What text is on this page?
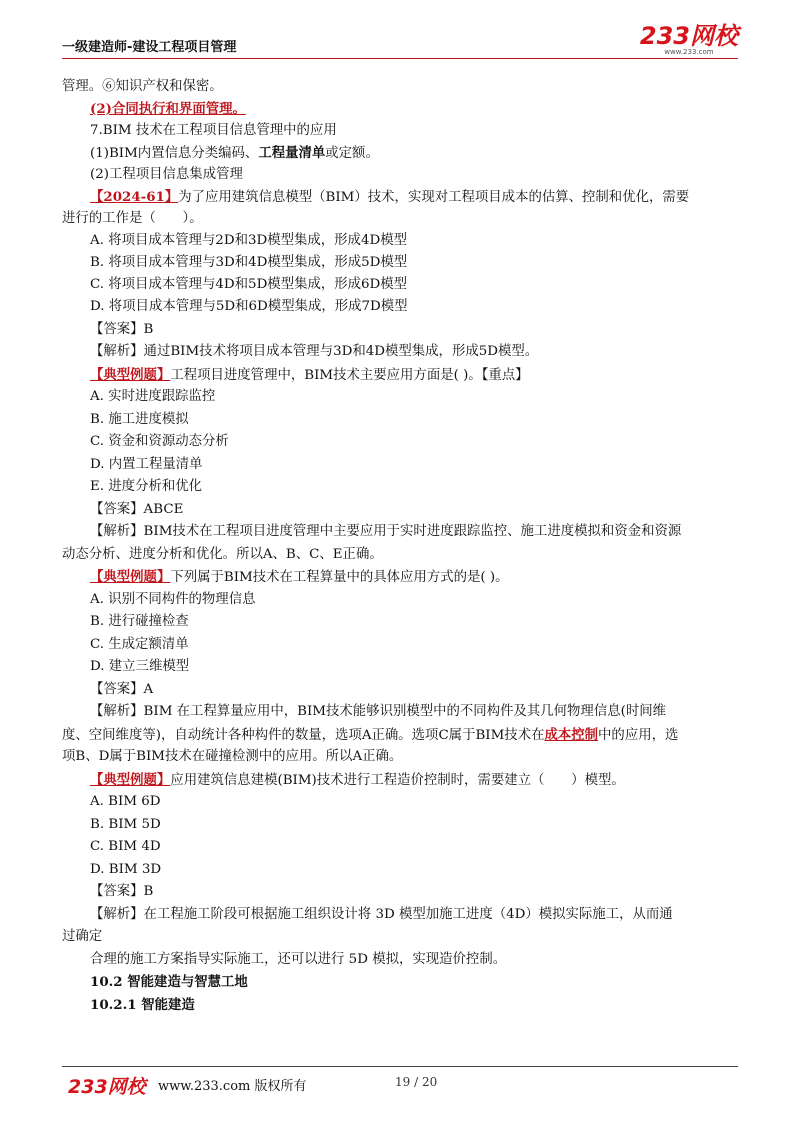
一级建造师-建设工程项目管理	233网校
www.233.com
管理。⑥知识产权和保密。
(2)合同执行和界面管理。
7.BIM 技术在工程项目信息管理中的应用
(1)BIM内置信息分类编码、工程量清单或定额。
(2)工程项目信息集成管理
【2024-61】为了应用建筑信息模型（BIM）技术，实现对工程项目成本的估算、控制和优化，需要
进行的工作是（　　）。
A. 将项目成本管理与2D和3D模型集成，形成4D模型
B. 将项目成本管理与3D和4D模型集成，形成5D模型
C. 将项目成本管理与4D和5D模型集成，形成6D模型
D. 将项目成本管理与5D和6D模型集成，形成7D模型
【答案】B
【解析】通过BIM技术将项目成本管理与3D和4D模型集成，形成5D模型。
【典型例题】工程项目进度管理中，BIM技术主要应用方面是( )。【重点】
A. 实时进度跟踪监控
B. 施工进度模拟
C. 资金和资源动态分析
D. 内置工程量清单
E. 进度分析和优化
【答案】ABCE
【解析】BIM技术在工程项目进度管理中主要应用于实时进度跟踪监控、施工进度模拟和资金和资源
动态分析、进度分析和优化。所以A、B、C、E正确。
【典型例题】下列属于BIM技术在工程算量中的具体应用方式的是( )。
A. 识别不同构件的物理信息
B. 进行碰撞检查
C. 生成定额清单
D. 建立三维模型
【答案】A
【解析】BIM 在工程算量应用中，BIM技术能够识别模型中的不同构件及其几何物理信息(时间维
度、空间维度等)，自动统计各种构件的数量，选项A正确。选项C属于BIM技术在成本控制中的应用，选
项B、D属于BIM技术在碰撞检测中的应用。所以A正确。
【典型例题】应用建筑信息建模(BIM)技术进行工程造价控制时，需要建立（　　）模型。
A. BIM 6D
B. BIM 5D
C. BIM 4D
D. BIM 3D
【答案】B
【解析】在工程施工阶段可根据施工组织设计将 3D 模型加施工进度（4D）模拟实际施工，从而通
过确定
合理的施工方案指导实际施工，还可以进行 5D 模拟，实现造价控制。
10.2 智能建造与智慧工地
10.2.1 智能建造
233网校 www.233.com 版权所有	19 / 20
